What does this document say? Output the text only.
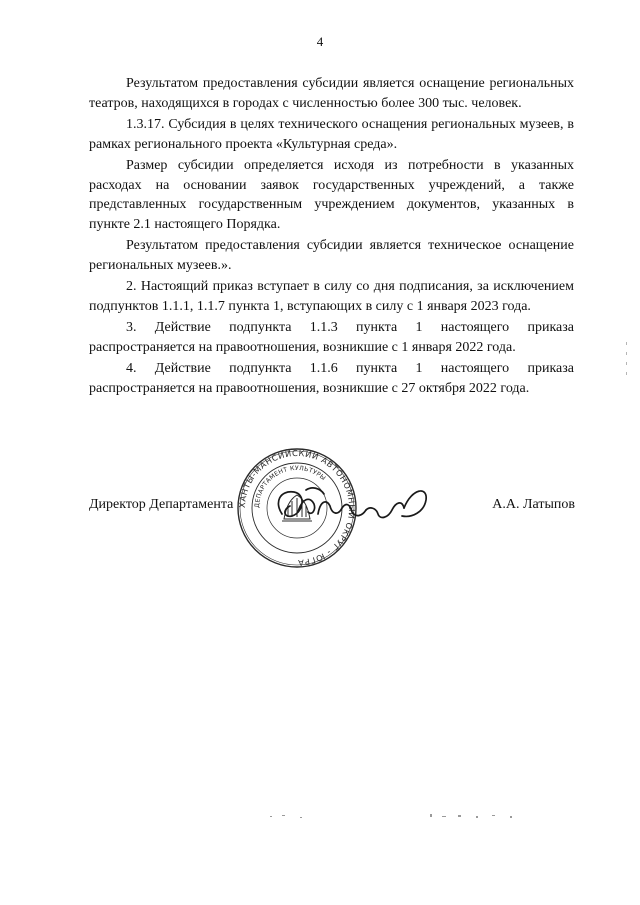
4

Результатом предоставления субсидии является оснащение региональных театров, находящихся в городах с численностью более 300 тыс. человек.

1.3.17. Субсидия в целях технического оснащения региональных музеев, в рамках регионального проекта «Культурная среда».

Размер субсидии определяется исходя из потребности в указанных расходах на основании заявок государственных учреждений, а также представленных государственным учреждением документов, указанных в пункте 2.1 настоящего Порядка.

Результатом предоставления субсидии является техническое оснащение региональных музеев.».

2. Настоящий приказ вступает в силу со дня подписания, за исключением подпунктов 1.1.1, 1.1.7 пункта 1, вступающих в силу с 1 января 2023 года.

3. Действие подпункта 1.1.3 пункта 1 настоящего приказа распространяется на правоотношения, возникшие с 1 января 2022 года.

4. Действие подпункта 1.1.6 пункта 1 настоящего приказа распространяется на правоотношения, возникшие с 27 октября 2022 года.

Директор Департамента	А.А. Латыпов
ХАНТЫ-МАНСИЙСКИЙ АВТОНОМНЫЙ ОКРУГ - ЮГРА
ДЕПАРТАМЕНТ КУЛЬТУРЫ
